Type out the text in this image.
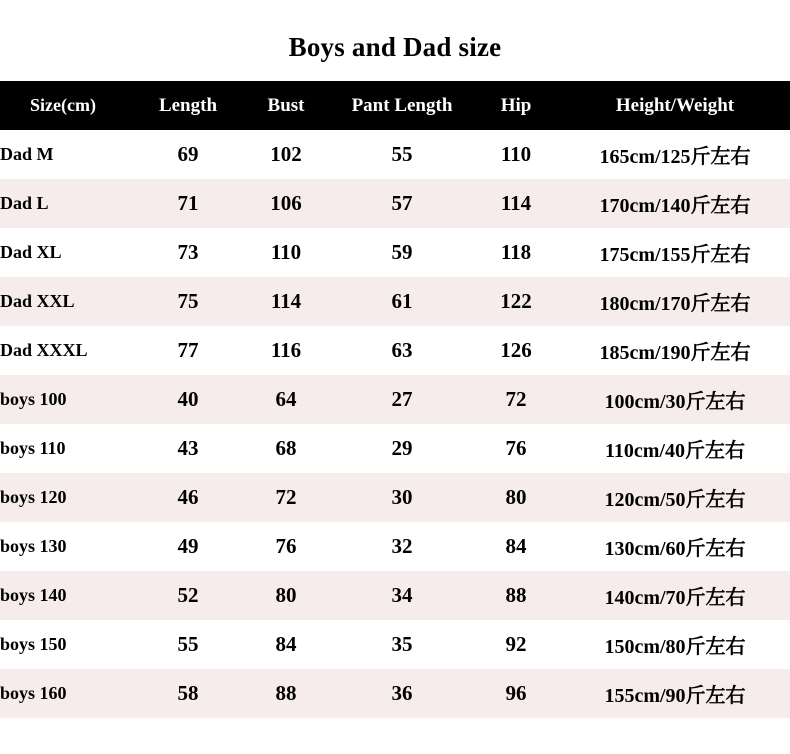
Boys and Dad size
Size(cm)	Length	Bust	Pant Length	Hip	Height/Weight
Dad M	69	102	55	110	165cm/125斤左右
Dad L	71	106	57	114	170cm/140斤左右
Dad XL	73	110	59	118	175cm/155斤左右
Dad XXL	75	114	61	122	180cm/170斤左右
Dad XXXL	77	116	63	126	185cm/190斤左右
boys 100	40	64	27	72	100cm/30斤左右
boys 110	43	68	29	76	110cm/40斤左右
boys 120	46	72	30	80	120cm/50斤左右
boys 130	49	76	32	84	130cm/60斤左右
boys 140	52	80	34	88	140cm/70斤左右
boys 150	55	84	35	92	150cm/80斤左右
boys 160	58	88	36	96	155cm/90斤左右
